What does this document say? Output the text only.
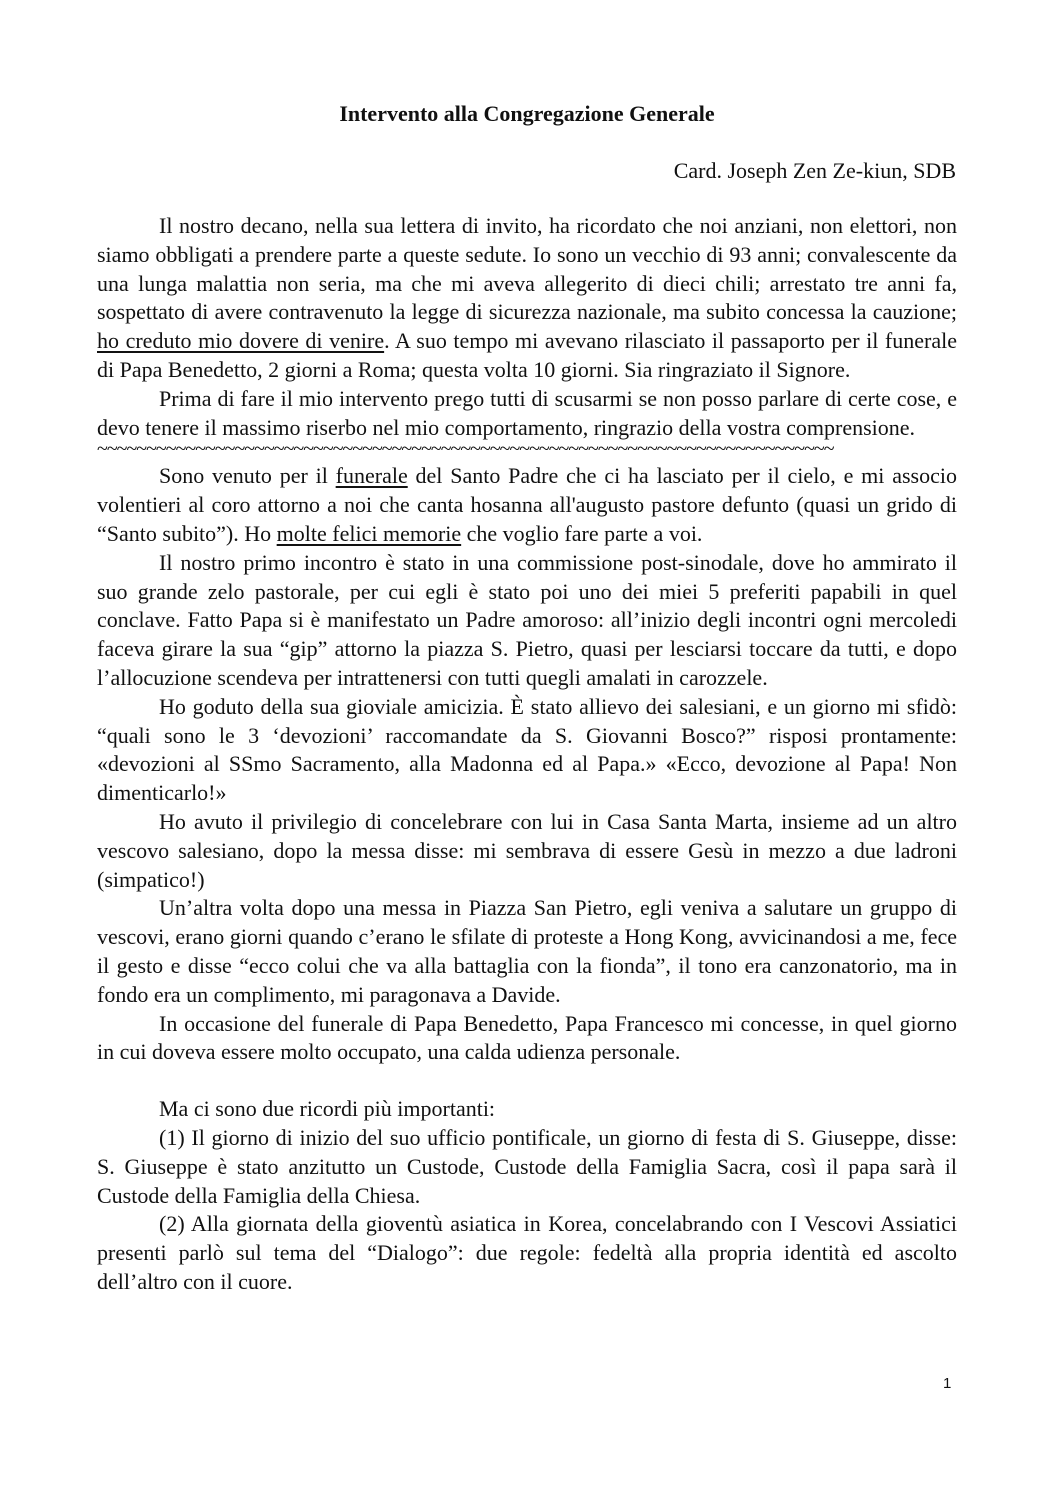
Intervento alla Congregazione Generale
Card. Joseph Zen Ze-kiun, SDB

Il nostro decano, nella sua lettera di invito, ha ricordato che noi anziani, non elettori, non siamo obbligati a prendere parte a queste sedute. Io sono un vecchio di 93 anni; convalescente da una lunga malattia non seria, ma che mi aveva allegerito di dieci chili; arrestato tre anni fa, sospettato di avere contravenuto la legge di sicurezza nazionale, ma subito concessa la cauzione; ho creduto mio dovere di venire. A suo tempo mi avevano rilasciato il passaporto per il funerale di Papa Benedetto, 2 giorni a Roma; questa volta 10 giorni. Sia ringraziato il Signore.

Prima di fare il mio intervento prego tutti di scusarmi se non posso parlare di certe cose, e devo tenere il massimo riserbo nel mio comportamento, ringrazio della vostra comprensione.

~~~~~~~~~~~~~~~~~~~~~~~~~~~~~~~~~~~~~~~~~~~~~~~~~~~~~~~~~~~~~~~~~~~~~~~~~~~

Sono venuto per il funerale del Santo Padre che ci ha lasciato per il cielo, e mi associo volentieri al coro attorno a noi che canta hosanna all'augusto pastore defunto (quasi un grido di “Santo subito”). Ho molte felici memorie che voglio fare parte a voi.

Il nostro primo incontro è stato in una commissione post-sinodale, dove ho ammirato il suo grande zelo pastorale, per cui egli è stato poi uno dei miei 5 preferiti papabili in quel conclave. Fatto Papa si è manifestato un Padre amoroso: all’inizio degli incontri ogni mercoledi faceva girare la sua “gip” attorno la piazza S. Pietro, quasi per lesciarsi toccare da tutti, e dopo l’allocuzione scendeva per intrattenersi con tutti quegli amalati in carozzele.

Ho goduto della sua gioviale amicizia. È stato allievo dei salesiani, e un giorno mi sfidò: “quali sono le 3 ‘devozioni’ raccomandate da S. Giovanni Bosco?” risposi prontamente: «devozioni al SSmo Sacramento, alla Madonna ed al Papa.» «Ecco, devozione al Papa! Non dimenticarlo!»

Ho avuto il privilegio di concelebrare con lui in Casa Santa Marta, insieme ad un altro vescovo salesiano, dopo la messa disse: mi sembrava di essere Gesù in mezzo a due ladroni (simpatico!)

Un’altra volta dopo una messa in Piazza San Pietro, egli veniva a salutare un gruppo di vescovi, erano giorni quando c’erano le sfilate di proteste a Hong Kong, avvicinandosi a me, fece il gesto e disse “ecco colui che va alla battaglia con la fionda”, il tono era canzonatorio, ma in fondo era un complimento, mi paragonava a Davide.

In occasione del funerale di Papa Benedetto, Papa Francesco mi concesse, in quel giorno in cui doveva essere molto occupato, una calda udienza personale.

Ma ci sono due ricordi più importanti:

(1) Il giorno di inizio del suo ufficio pontificale, un giorno di festa di S. Giuseppe, disse: S. Giuseppe è stato anzitutto un Custode, Custode della Famiglia Sacra, così il papa sarà il Custode della Famiglia della Chiesa.

(2) Alla giornata della gioventù asiatica in Korea, concelabrando con I Vescovi Assiatici presenti parlò sul tema del “Dialogo”: due regole: fedeltà alla propria identità ed ascolto dell’altro con il cuore.

1
